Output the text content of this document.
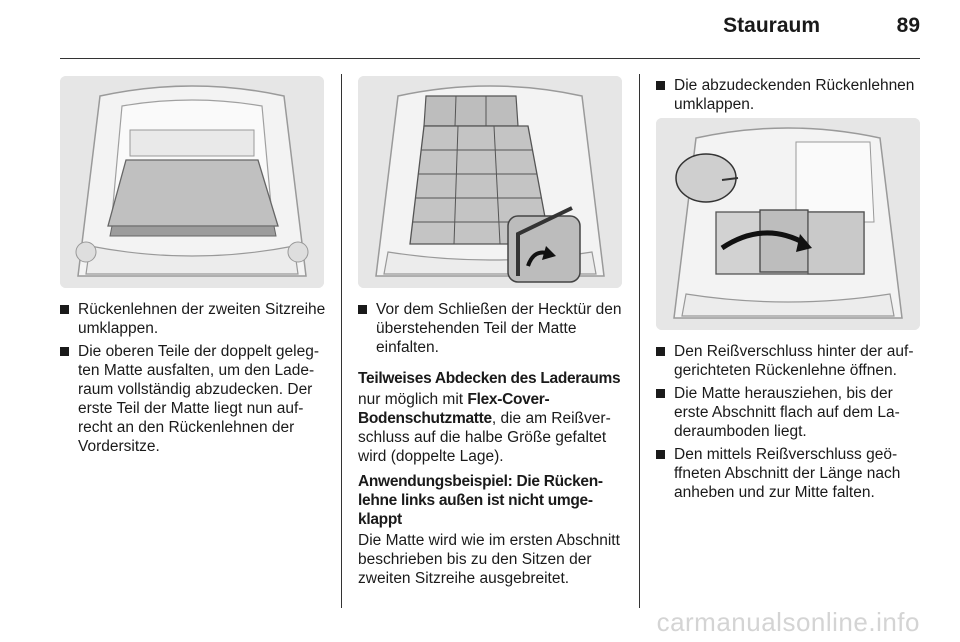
Stauraum	89
Rückenlehnen der zweiten Sitzreihe umklappen.
Die oberen Teile der doppelt gelegten Matte ausfalten, um den Laderaum vollständig abzudecken. Der erste Teil der Matte liegt nun aufrecht an den Rückenlehnen der Vordersitze.
Vor dem Schließen der Hecktür den überstehenden Teil der Matte einfalten.
Teilweises Abdecken des Laderaums
nur möglich mit Flex-Cover-Bodenschutzmatte, die am Reißverschluss auf die halbe Größe gefaltet wird (doppelte Lage).
Anwendungsbeispiel: Die Rückenlehne links außen ist nicht umgeklappt
Die Matte wird wie im ersten Abschnitt beschrieben bis zu den Sitzen der zweiten Sitzreihe ausgebreitet.
Die abzudeckenden Rückenlehnen umklappen.
Den Reißverschluss hinter der aufgerichteten Rückenlehne öffnen.
Die Matte herausziehen, bis der erste Abschnitt flach auf dem Laderaumboden liegt.
Den mittels Reißverschluss geöffneten Abschnitt der Länge nach anheben und zur Mitte falten.
carmanualsonline.info
